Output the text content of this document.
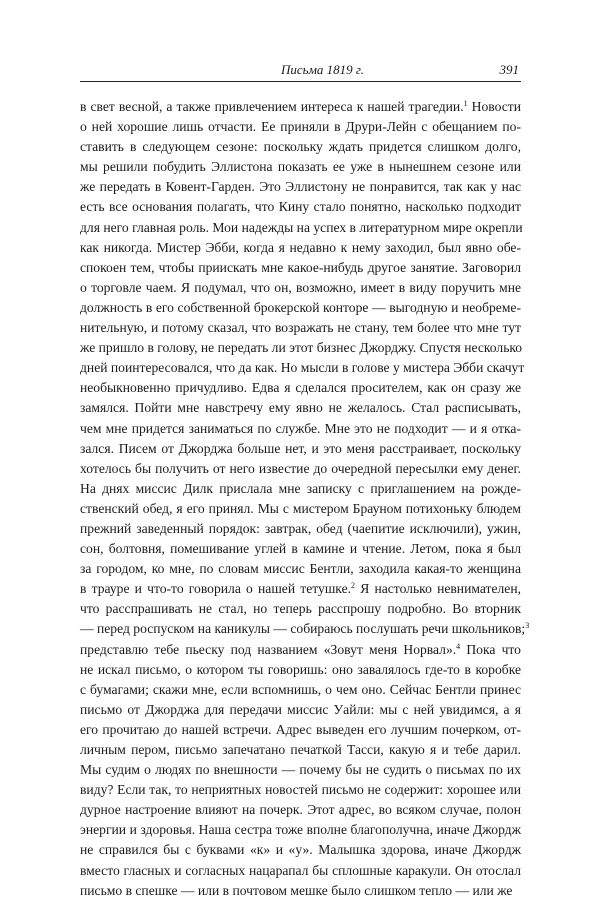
Письма 1819 г.	391
в свет весной, а также привлечением интереса к нашей трагедии.$^1$ Новости
о ней хорошие лишь отчасти. Ее приняли в Друри-Лейн с обещанием по-
ставить в следующем сезоне: поскольку ждать придется слишком долго,
мы решили побудить Эллистона показать ее уже в нынешнем сезоне или
же передать в Ковент-Гарден. Это Эллистону не понравится, так как у нас
есть все основания полагать, что Кину стало понятно, насколько подходит
для него главная роль. Мои надежды на успех в литературном мире окрепли
как никогда. Мистер Эбби, когда я недавно к нему заходил, был явно обе-
спокоен тем, чтобы приискать мне какое-нибудь другое занятие. Заговорил
о торговле чаем. Я подумал, что он, возможно, имеет в виду поручить мне
должность в его собственной брокерской конторе — выгодную и необреме-
нительную, и потому сказал, что возражать не стану, тем более что мне тут
же пришло в голову, не передать ли этот бизнес Джорджу. Спустя несколько
дней поинтересовался, что да как. Но мысли в голове у мистера Эбби скачут
необыкновенно причудливо. Едва я сделался просителем, как он сразу же
замялся. Пойти мне навстречу ему явно не желалось. Стал расписывать,
чем мне придется заниматься по службе. Мне это не подходит — и я отка-
зался. Писем от Джорджа больше нет, и это меня расстраивает, поскольку
хотелось бы получить от него известие до очередной пересылки ему денег.
На днях миссис Дилк прислала мне записку с приглашением на рожде-
ственский обед, я его принял. Мы с мистером Брауном потихоньку блюдем
прежний заведенный порядок: завтрак, обед (чаепитие исключили), ужин,
сон, болтовня, помешивание углей в камине и чтение. Летом, пока я был
за городом, ко мне, по словам миссис Бентли, заходила какая-то женщина
в трауре и что-то говорила о нашей тетушке.$^2$ Я настолько невнимателен,
что расспрашивать не стал, но теперь расспрошу подробно. Во вторник
— перед роспуском на каникулы — собираюсь послушать речи школьников;$^3$
представлю тебе пьеску под названием «Зовут меня Норвал».$^4$ Пока что
не искал письмо, о котором ты говоришь: оно завалялось где-то в коробке
с бумагами; скажи мне, если вспомнишь, о чем оно. Сейчас Бентли принес
письмо от Джорджа для передачи миссис Уайли: мы с ней увидимся, а я
его прочитаю до нашей встречи. Адрес выведен его лучшим почерком, от-
личным пером, письмо запечатано печаткой Тасси, какую я и тебе дарил.
Мы судим о людях по внешности — почему бы не судить о письмах по их
виду? Если так, то неприятных новостей письмо не содержит: хорошее или
дурное настроение влияют на почерк. Этот адрес, во всяком случае, полон
энергии и здоровья. Наша сестра тоже вполне благополучна, иначе Джордж
не справился бы с буквами «к» и «у». Малышка здорова, иначе Джордж
вместо гласных и согласных нацарапал бы сплошные каракули. Он отослал
письмо в спешке — или в почтовом мешке было слишком тепло — или же
